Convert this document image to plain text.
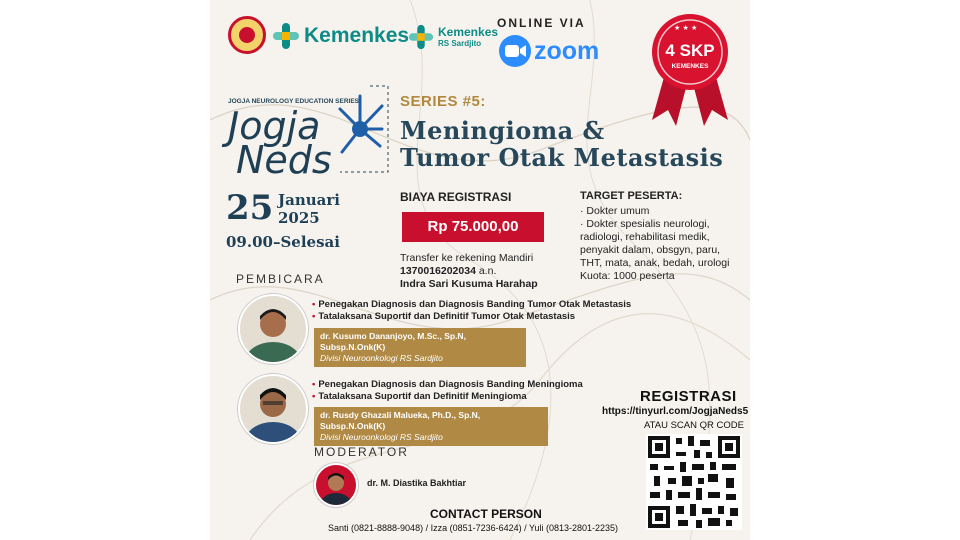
Kemenkes Kemenkes
RS Sardjito
ONLINE VIA
zoom
★ ★ ★
4 SKP
KEMENKES
JOGJA NEUROLOGY EDUCATION SERIES
Jogja
Neds
SERIES #5:
Meningioma &
Tumor Otak Metastasis
25 Januari
2025
09.00–Selesai
BIAYA REGISTRASI
Rp 75.000,00
Transfer ke rekening Mandiri
1370016202034 a.n.
Indra Sari Kusuma Harahap
TARGET PESERTA:
· Dokter umum
· Dokter spesialis neurologi,
radiologi, rehabilitasi medik,
penyakit dalam, obsgyn, paru,
THT, mata, anak, bedah, urologi
Kuota: 1000 peserta
PEMBICARA
• Penegakan Diagnosis dan Diagnosis Banding Tumor Otak Metastasis
• Tatalaksana Suportif dan Definitif Tumor Otak Metastasis
dr. Kusumo Dananjoyo, M.Sc., Sp.N, Subsp.N.Onk(K)
Divisi Neuroonkologi RS Sardjito
• Penegakan Diagnosis dan Diagnosis Banding Meningioma
• Tatalaksana Suportif dan Definitif Meningioma
dr. Rusdy Ghazali Malueka, Ph.D., Sp.N, Subsp.N.Onk(K)
Divisi Neuroonkologi RS Sardjito
MODERATOR
dr. M. Diastika Bakhtiar
REGISTRASI
https://tinyurl.com/JogjaNeds5
ATAU SCAN QR CODE
CONTACT PERSON
Santi (0821-8888-9048) / Izza (0851-7236-6424) / Yuli (0813-2801-2235)
